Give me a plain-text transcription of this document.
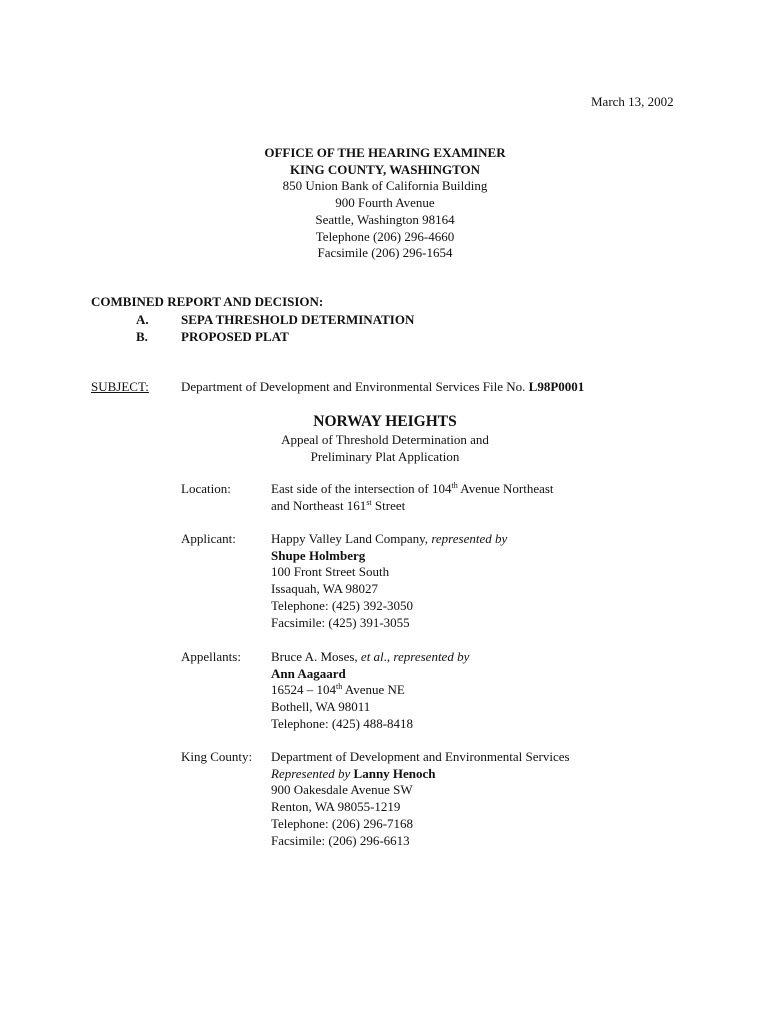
March 13, 2002
OFFICE OF THE HEARING EXAMINER
KING COUNTY, WASHINGTON
850 Union Bank of California Building
900 Fourth Avenue
Seattle, Washington 98164
Telephone (206) 296-4660
Facsimile (206) 296-1654
COMBINED REPORT AND DECISION:
A. SEPA THRESHOLD DETERMINATION
B.	PROPOSED PLAT
SUBJECT: Department of Development and Environmental Services File No. L98P0001
NORWAY HEIGHTS
Appeal of Threshold Determination and
Preliminary Plat Application
Location:	East side of the intersection of 104th Avenue Northeast
and Northeast 161st Street
Applicant:	Happy Valley Land Company, represented by
Shupe Holmberg
100 Front Street South
Issaquah, WA 98027
Telephone: (425) 392-3050
Facsimile: (425) 391-3055
Appellants: Bruce A. Moses, et al., represented by
Ann Aagaard
16524 – 104th Avenue NE
Bothell, WA 98011
Telephone: (425) 488-8418
King County: Department of Development and Environmental Services
Represented by Lanny Henoch
900 Oakesdale Avenue SW
Renton, WA 98055-1219
Telephone: (206) 296-7168
Facsimile: (206) 296-6613
